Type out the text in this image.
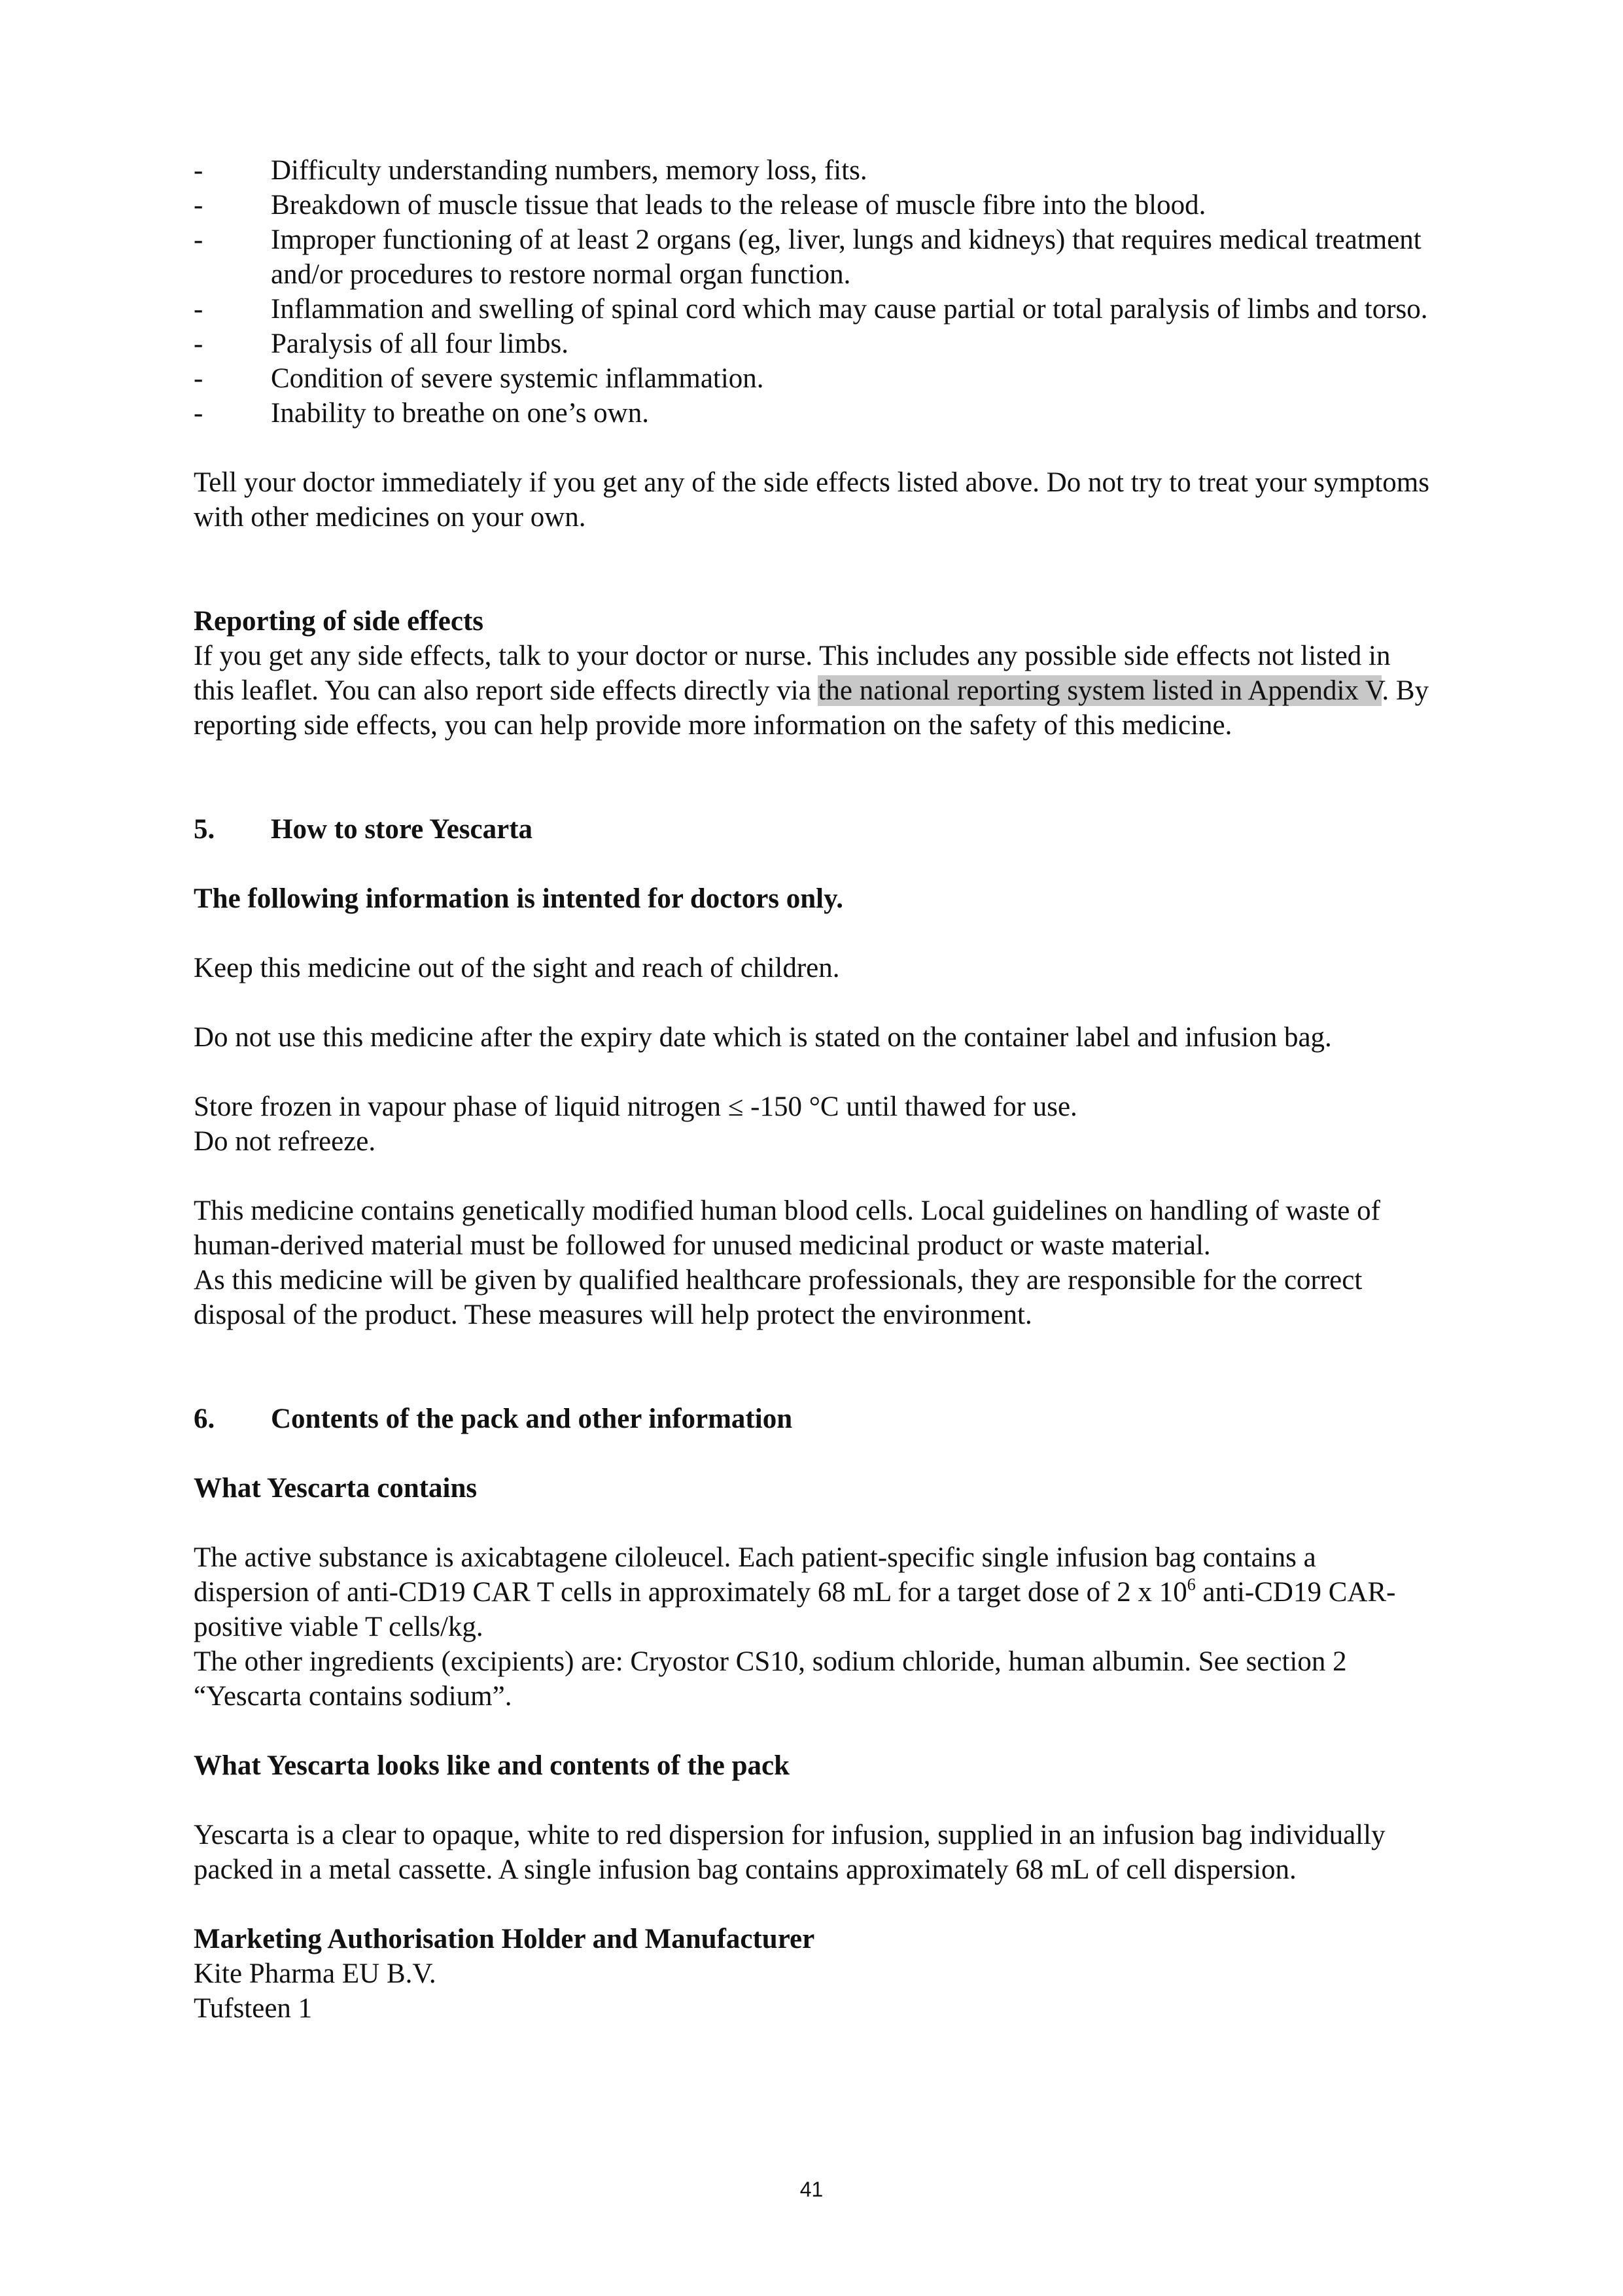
- Difficulty understanding numbers, memory loss, fits.
- Breakdown of muscle tissue that leads to the release of muscle fibre into the blood.
- Improper functioning of at least 2 organs (eg, liver, lungs and kidneys) that requires medical treatment and/or procedures to restore normal organ function.
- Inflammation and swelling of spinal cord which may cause partial or total paralysis of limbs and torso.
- Paralysis of all four limbs.
- Condition of severe systemic inflammation.
- Inability to breathe on one’s own.

Tell your doctor immediately if you get any of the side effects listed above. Do not try to treat your symptoms with other medicines on your own.

Reporting of side effects

If you get any side effects, talk to your doctor or nurse. This includes any possible side effects not listed in this leaflet. You can also report side effects directly via the national reporting system listed in Appendix V. By reporting side effects, you can help provide more information on the safety of this medicine.

5. How to store Yescarta

The following information is intented for doctors only.

Keep this medicine out of the sight and reach of children.

Do not use this medicine after the expiry date which is stated on the container label and infusion bag.

Store frozen in vapour phase of liquid nitrogen ≤ -150 °C until thawed for use.

Do not refreeze.

This medicine contains genetically modified human blood cells. Local guidelines on handling of waste of human-derived material must be followed for unused medicinal product or waste material.

As this medicine will be given by qualified healthcare professionals, they are responsible for the correct disposal of the product. These measures will help protect the environment.

6. Contents of the pack and other information

What Yescarta contains

The active substance is axicabtagene ciloleucel. Each patient-specific single infusion bag contains a dispersion of anti-CD19 CAR T cells in approximately 68 mL for a target dose of 2 x $10^6$ anti-CD19 CAR-positive viable T cells/kg.

The other ingredients (excipients) are: Cryostor CS10, sodium chloride, human albumin. See section 2 “Yescarta contains sodium”.

What Yescarta looks like and contents of the pack

Yescarta is a clear to opaque, white to red dispersion for infusion, supplied in an infusion bag individually packed in a metal cassette. A single infusion bag contains approximately 68 mL of cell dispersion.

Marketing Authorisation Holder and Manufacturer

Kite Pharma EU B.V.

Tufsteen 1

41
